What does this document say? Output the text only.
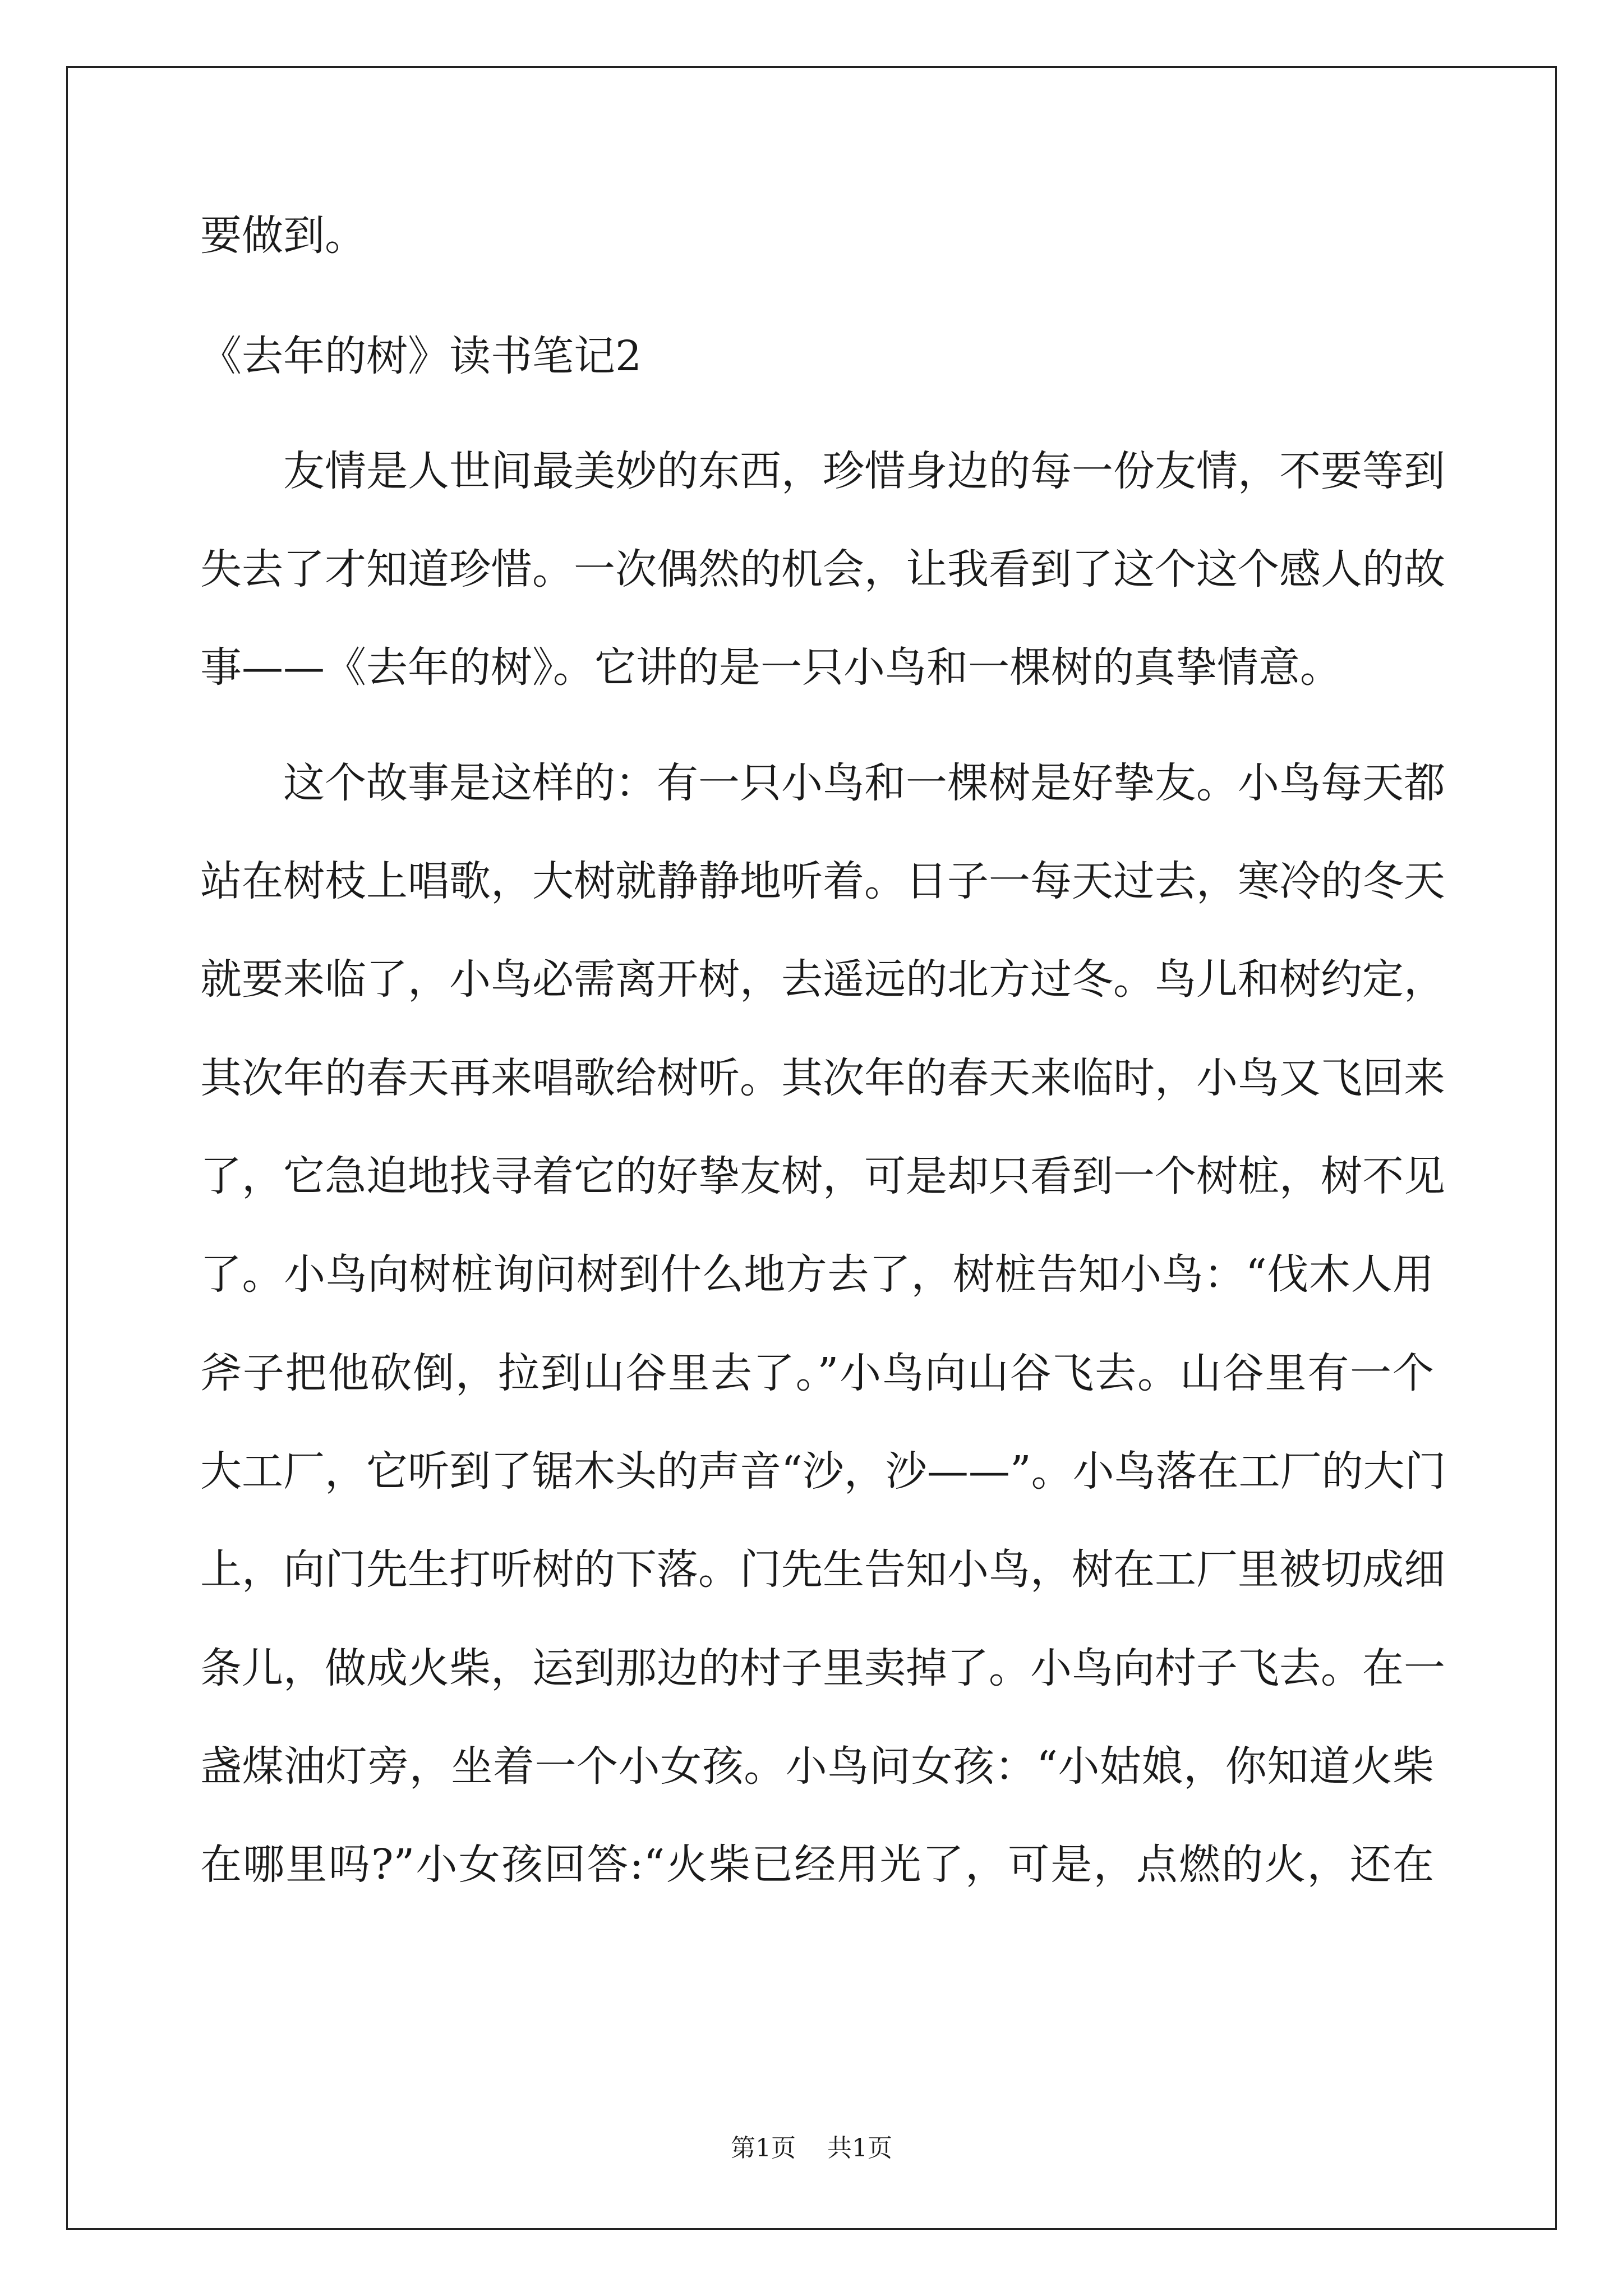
要做到。
《去年的树》读书笔记2
友情是人世间最美妙的东西，珍惜身边的每一份友情，不要等到
失去了才知道珍惜。一次偶然的机会，让我看到了这个这个感人的故
事——《去年的树》。它讲的是一只小鸟和一棵树的真挚情意。
这个故事是这样的：有一只小鸟和一棵树是好挚友。小鸟每天都
站在树枝上唱歌，大树就静静地听着。日子一每天过去，寒冷的冬天
就要来临了，小鸟必需离开树，去遥远的北方过冬。鸟儿和树约定，
其次年的春天再来唱歌给树听。其次年的春天来临时，小鸟又飞回来
了，它急迫地找寻着它的好挚友树，可是却只看到一个树桩，树不见
了。小鸟向树桩询问树到什么地方去了，树桩告知小鸟：“伐木人用
斧子把他砍倒，拉到山谷里去了。”小鸟向山谷飞去。山谷里有一个
大工厂，它听到了锯木头的声音“沙，沙——”。小鸟落在工厂的大门
上，向门先生打听树的下落。门先生告知小鸟，树在工厂里被切成细
条儿，做成火柴，运到那边的村子里卖掉了。小鸟向村子飞去。在一
盏煤油灯旁，坐着一个小女孩。小鸟问女孩：“小姑娘，你知道火柴
在哪里吗?”小女孩回答:“火柴已经用光了，可是，点燃的火，还在
第1页 共1页
